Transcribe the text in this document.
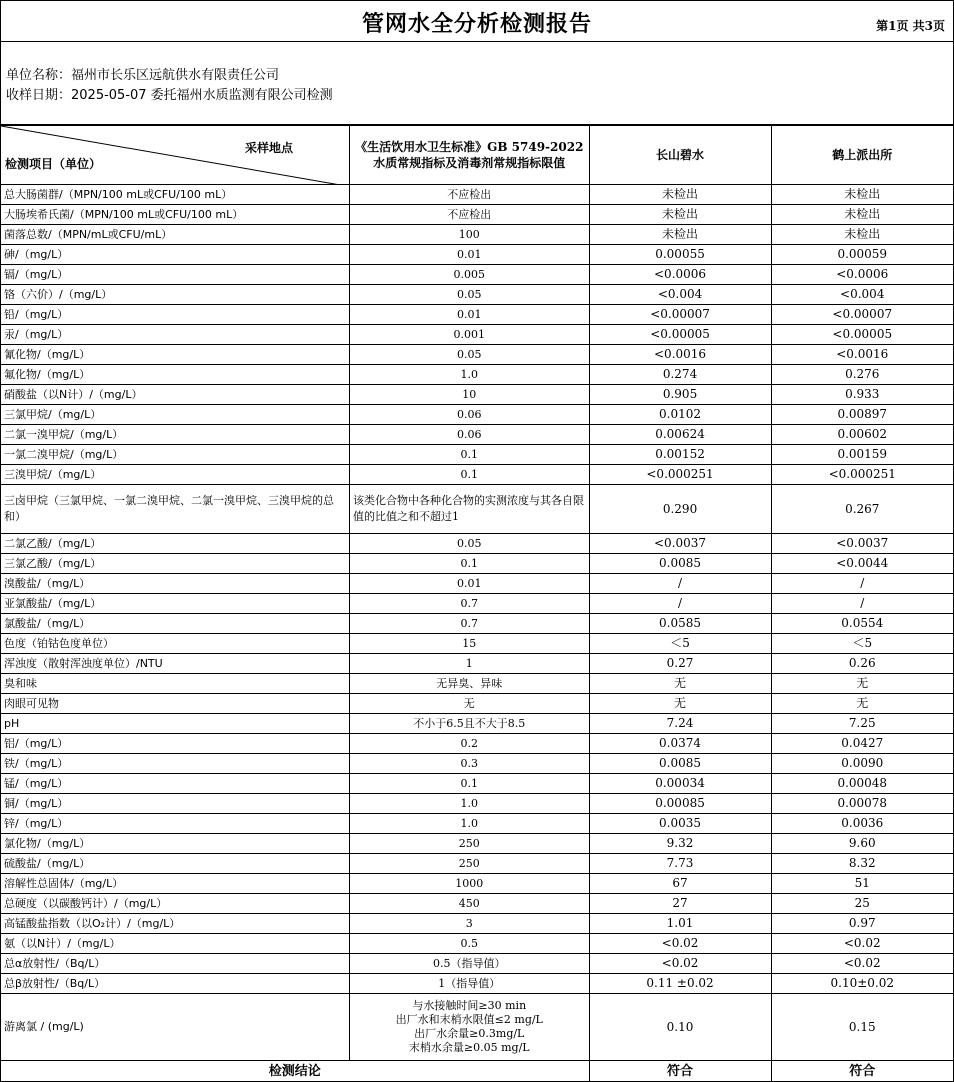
管网水全分析检测报告	第1页 共3页
单位名称：福州市长乐区远航供水有限责任公司
收样日期：2025-05-07 委托福州水质监测有限公司检测
采样地点
检测项目（单位）	《生活饮用水卫生标准》GB 5749-2022 水质常规指标及消毒剂常规指标限值	长山碧水	鹤上派出所
总大肠菌群/（MPN/100 mL或CFU/100 mL）	不应检出	未检出	未检出
大肠埃希氏菌/（MPN/100 mL或CFU/100 mL）	不应检出	未检出	未检出
菌落总数/（MPN/mL或CFU/mL）	100	未检出	未检出
砷/（mg/L）	0.01	0.00055	0.00059
镉/（mg/L）	0.005	<0.0006	<0.0006
铬（六价）/（mg/L）	0.05	<0.004	<0.004
铅/（mg/L）	0.01	<0.00007	<0.00007
汞/（mg/L）	0.001	<0.00005	<0.00005
氰化物/（mg/L）	0.05	<0.0016	<0.0016
氟化物/（mg/L）	1.0	0.274	0.276
硝酸盐（以N计）/（mg/L）	10	0.905	0.933
三氯甲烷/（mg/L）	0.06	0.0102	0.00897
二氯一溴甲烷/（mg/L）	0.06	0.00624	0.00602
一氯二溴甲烷/（mg/L）	0.1	0.00152	0.00159
三溴甲烷/（mg/L）	0.1	<0.000251	<0.000251
三卤甲烷（三氯甲烷、一氯二溴甲烷、二氯一溴甲烷、三溴甲烷的总和）	该类化合物中各种化合物的实测浓度与其各自限值的比值之和不超过1	0.290	0.267
二氯乙酸/（mg/L）	0.05	<0.0037	<0.0037
三氯乙酸/（mg/L）	0.1	0.0085	<0.0044
溴酸盐/（mg/L）	0.01	/	/
亚氯酸盐/（mg/L）	0.7	/	/
氯酸盐/（mg/L）	0.7	0.0585	0.0554
色度（铂钴色度单位）	15	＜5	＜5
浑浊度（散射浑浊度单位）/NTU	1	0.27	0.26
臭和味	无异臭、异味	无	无
肉眼可见物	无	无	无
pH	不小于6.5且不大于8.5	7.24	7.25
铝/（mg/L）	0.2	0.0374	0.0427
铁/（mg/L）	0.3	0.0085	0.0090
锰/（mg/L）	0.1	0.00034	0.00048
铜/（mg/L）	1.0	0.00085	0.00078
锌/（mg/L）	1.0	0.0035	0.0036
氯化物/（mg/L）	250	9.32	9.60
硫酸盐/（mg/L）	250	7.73	8.32
溶解性总固体/（mg/L）	1000	67	51
总硬度（以碳酸钙计）/（mg/L）	450	27	25
高锰酸盐指数（以O₂计）/（mg/L）	3	1.01	0.97
氨（以N计）/（mg/L）	0.5	<0.02	<0.02
总α放射性/（Bq/L）	0.5（指导值）	<0.02	<0.02
总β放射性/（Bq/L）	1（指导值）	0.11 ±0.02	0.10±0.02
游离氯 / (mg/L)	与水接触时间≥30 min
出厂水和末梢水限值≤2 mg/L
出厂水余量≥0.3mg/L
末梢水余量≥0.05 mg/L	0.10	0.15
检测结论		符合	符合
